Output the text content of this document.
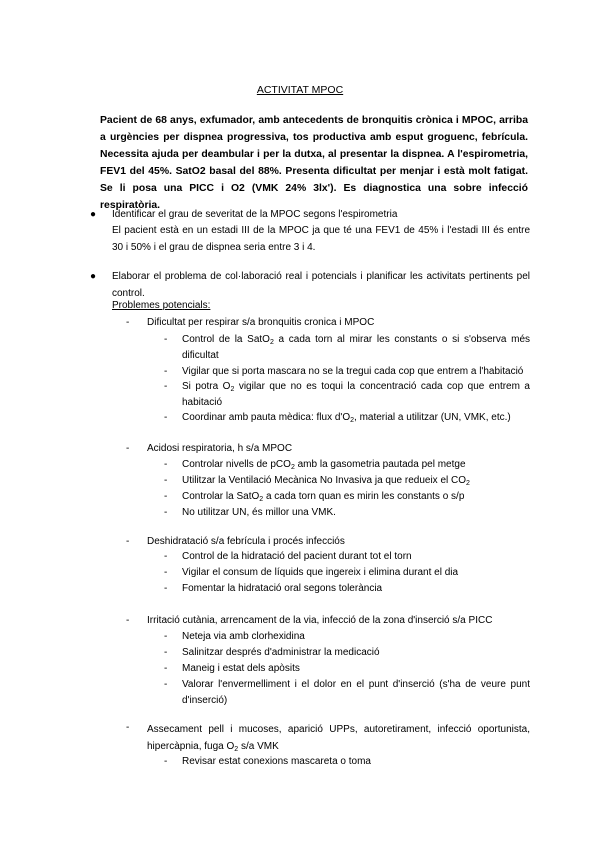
ACTIVITAT MPOC
Pacient de 68 anys, exfumador, amb antecedents de bronquitis crònica i MPOC, arriba a urgències per dispnea progressiva, tos productiva amb esput groguenc, febrícula. Necessita ajuda per deambular i per la dutxa, al presentar la dispnea. A l'espirometria, FEV1 del 45%. SatO2 basal del 88%. Presenta dificultat per menjar i està molt fatigat. Se li posa una PICC i O2 (VMK 24% 3lx'). Es diagnostica una sobre infecció respiratòria.
● Identificar el grau de severitat de la MPOC segons l'espirometria
El pacient està en un estadi III de la MPOC ja que té una FEV1 de 45% i l'estadi III és entre 30 i 50% i el grau de dispnea seria entre 3 i 4.
● Elaborar el problema de col·laboració real i potencials i planificar les activitats pertinents pel control.
Problemes potencials:
- Dificultat per respirar s/a bronquitis cronica i MPOC
- Control de la SatO$_2$ a cada torn al mirar les constants o si s'observa més dificultat
- Vigilar que si porta mascara no se la tregui cada cop que entrem a l'habitació
- Si potra $O_2$ vigilar que no es toqui la concentració cada cop que entrem a habitació
- Coordinar amb pauta mèdica: flux $d'O_2$, material a utilitzar (UN, VMK, etc.)
- Acidosi respiratoria, h s/a MPOC
- Controlar nivells de pCO$_2$ amb la gasometria pautada pel metge
- Utilitzar la Ventilació Mecànica No Invasiva ja que redueix el $CO_2$
- Controlar la SatO$_2$ a cada torn quan es mirin les constants o s/p
- No utilitzar UN, és millor una VMK.
- Deshidratació s/a febrícula i procés infecciós
- Control de la hidratació del pacient durant tot el torn
- Vigilar el consum de líquids que ingereix i elimina durant el dia
- Fomentar la hidratació oral segons tolerància
- Irritació cutània, arrencament de la via, infecció de la zona d'inserció s/a PICC
- Neteja via amb clorhexidina
- Salinitzar després d'administrar la medicació
- Maneig i estat dels apòsits
- Valorar l'envermelliment i el dolor en el punt d'inserció (s'ha de veure punt d'inserció)
- Assecament pell i mucoses, aparició UPPs, autoretirament, infecció oportunista, hipercàpnia, fuga $O_2$ s/a VMK
- Revisar estat conexions mascareta o toma
